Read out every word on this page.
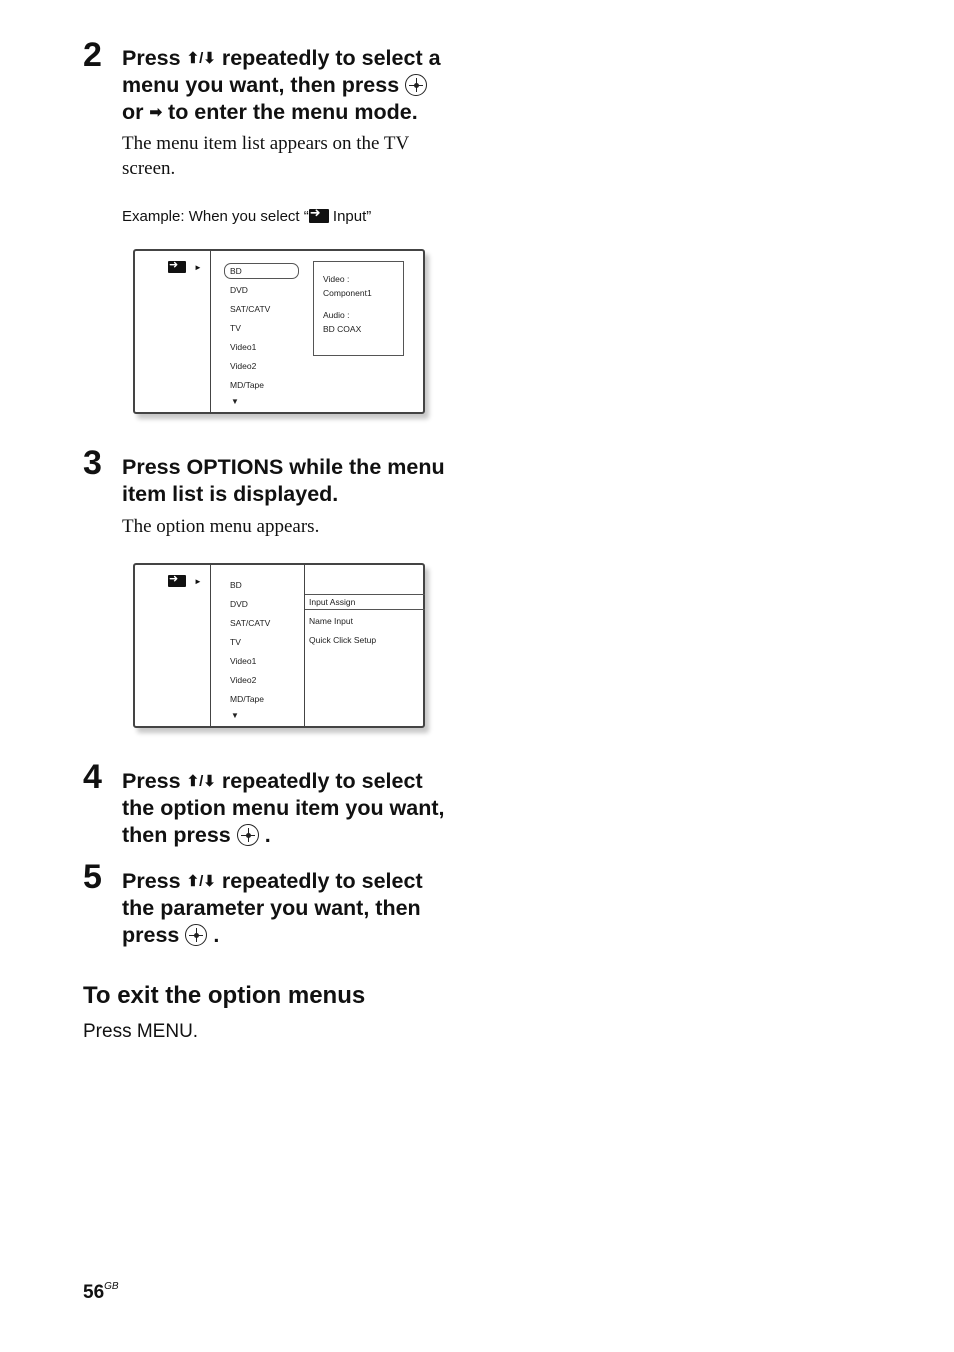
2 Press ⬆/⬇ repeatedly to select a
menu you want, then press
or ➡ to enter the menu mode.
The menu item list appears on the TV
screen.
Example: When you select “➜ Input”
➜
►	BD
DVD
SAT/CATV
TV
Video1
Video2
MD/Tape
▼
Video :
Component1
Audio :
BD COAX
3 Press OPTIONS while the menu
item list is displayed.
The option menu appears.
➜
►	BD
DVD
SAT/CATV
TV
Video1
Video2
MD/Tape
▼
Input Assign
Name Input
Quick Click Setup
4 Press ⬆/⬇ repeatedly to select
the option menu item you want,
then press
.
5 Press ⬆/⬇ repeatedly to select
the parameter you want, then
press
.
To exit the option menus
Press MENU.
$56^{GB}$
